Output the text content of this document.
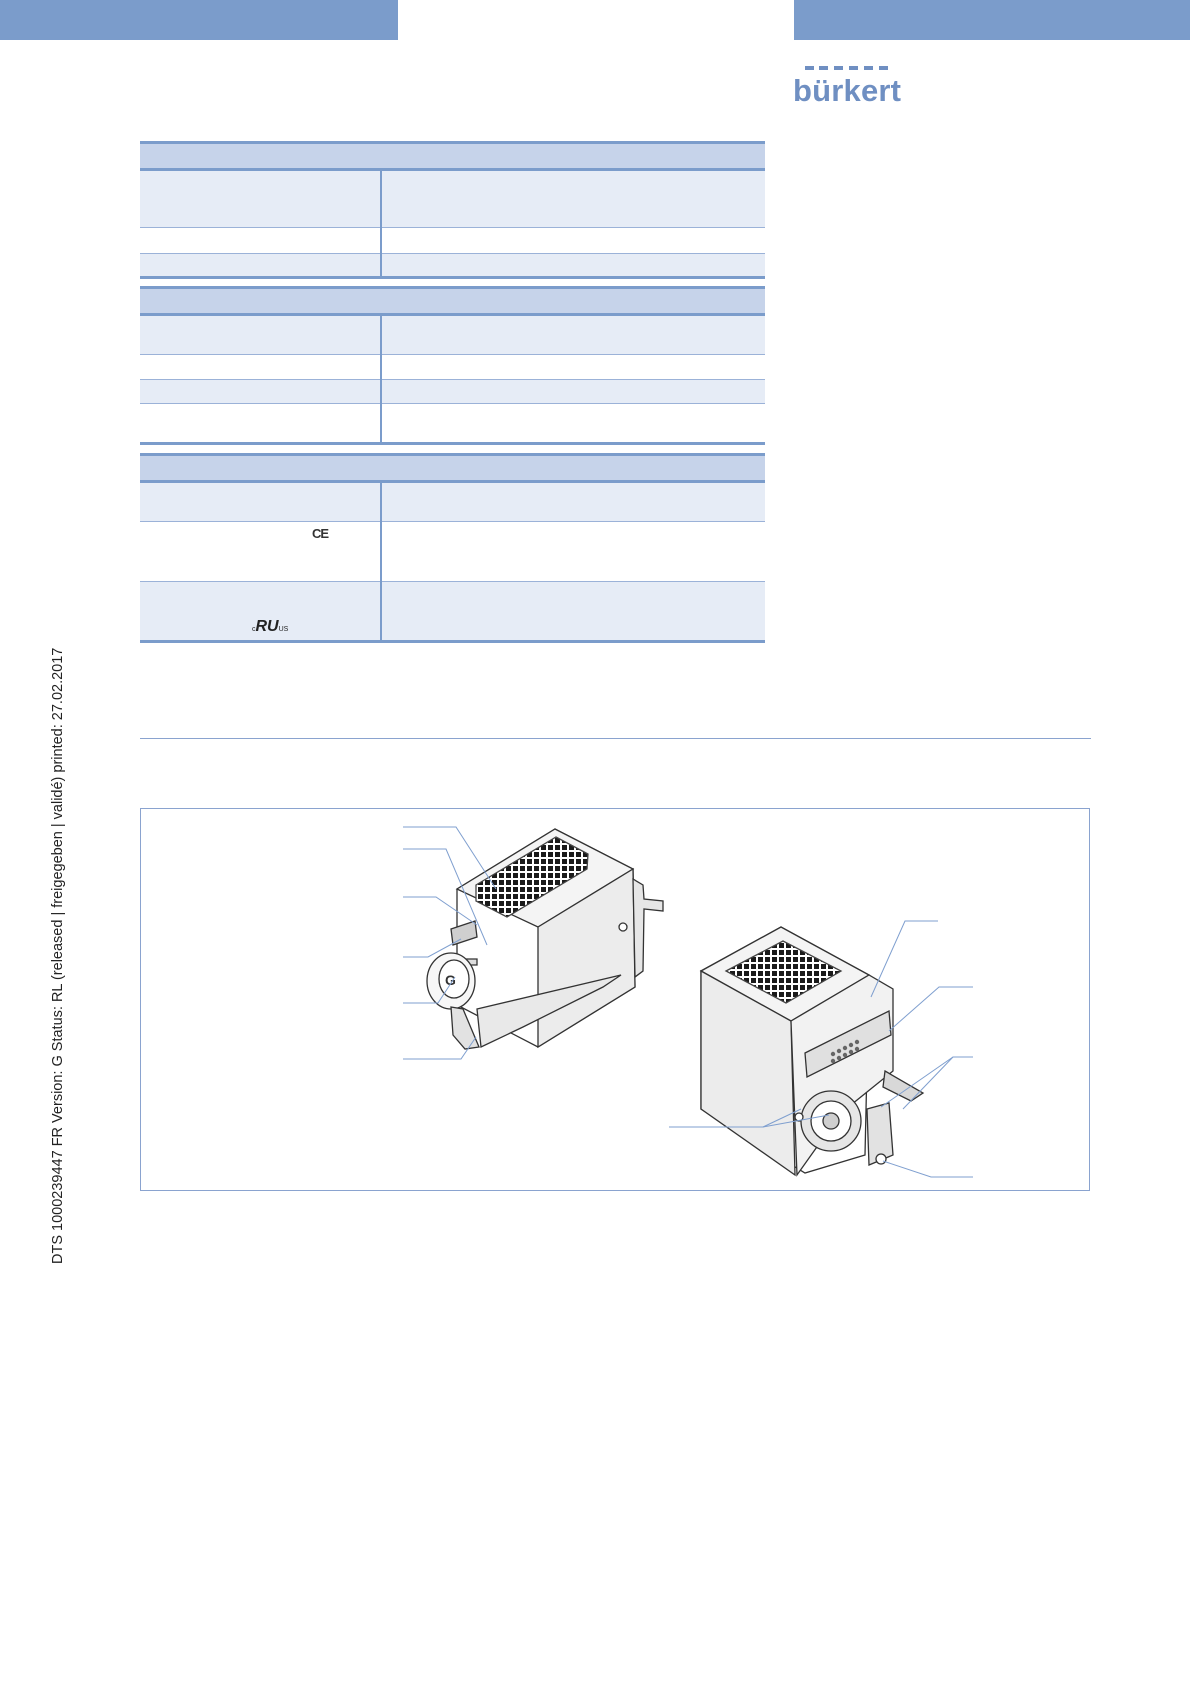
bürkert
DTS 1000239447 FR Version: G Status: RL (released | freigegeben | validé) printed: 27.02.2017

CE	

cRUUS	

G
